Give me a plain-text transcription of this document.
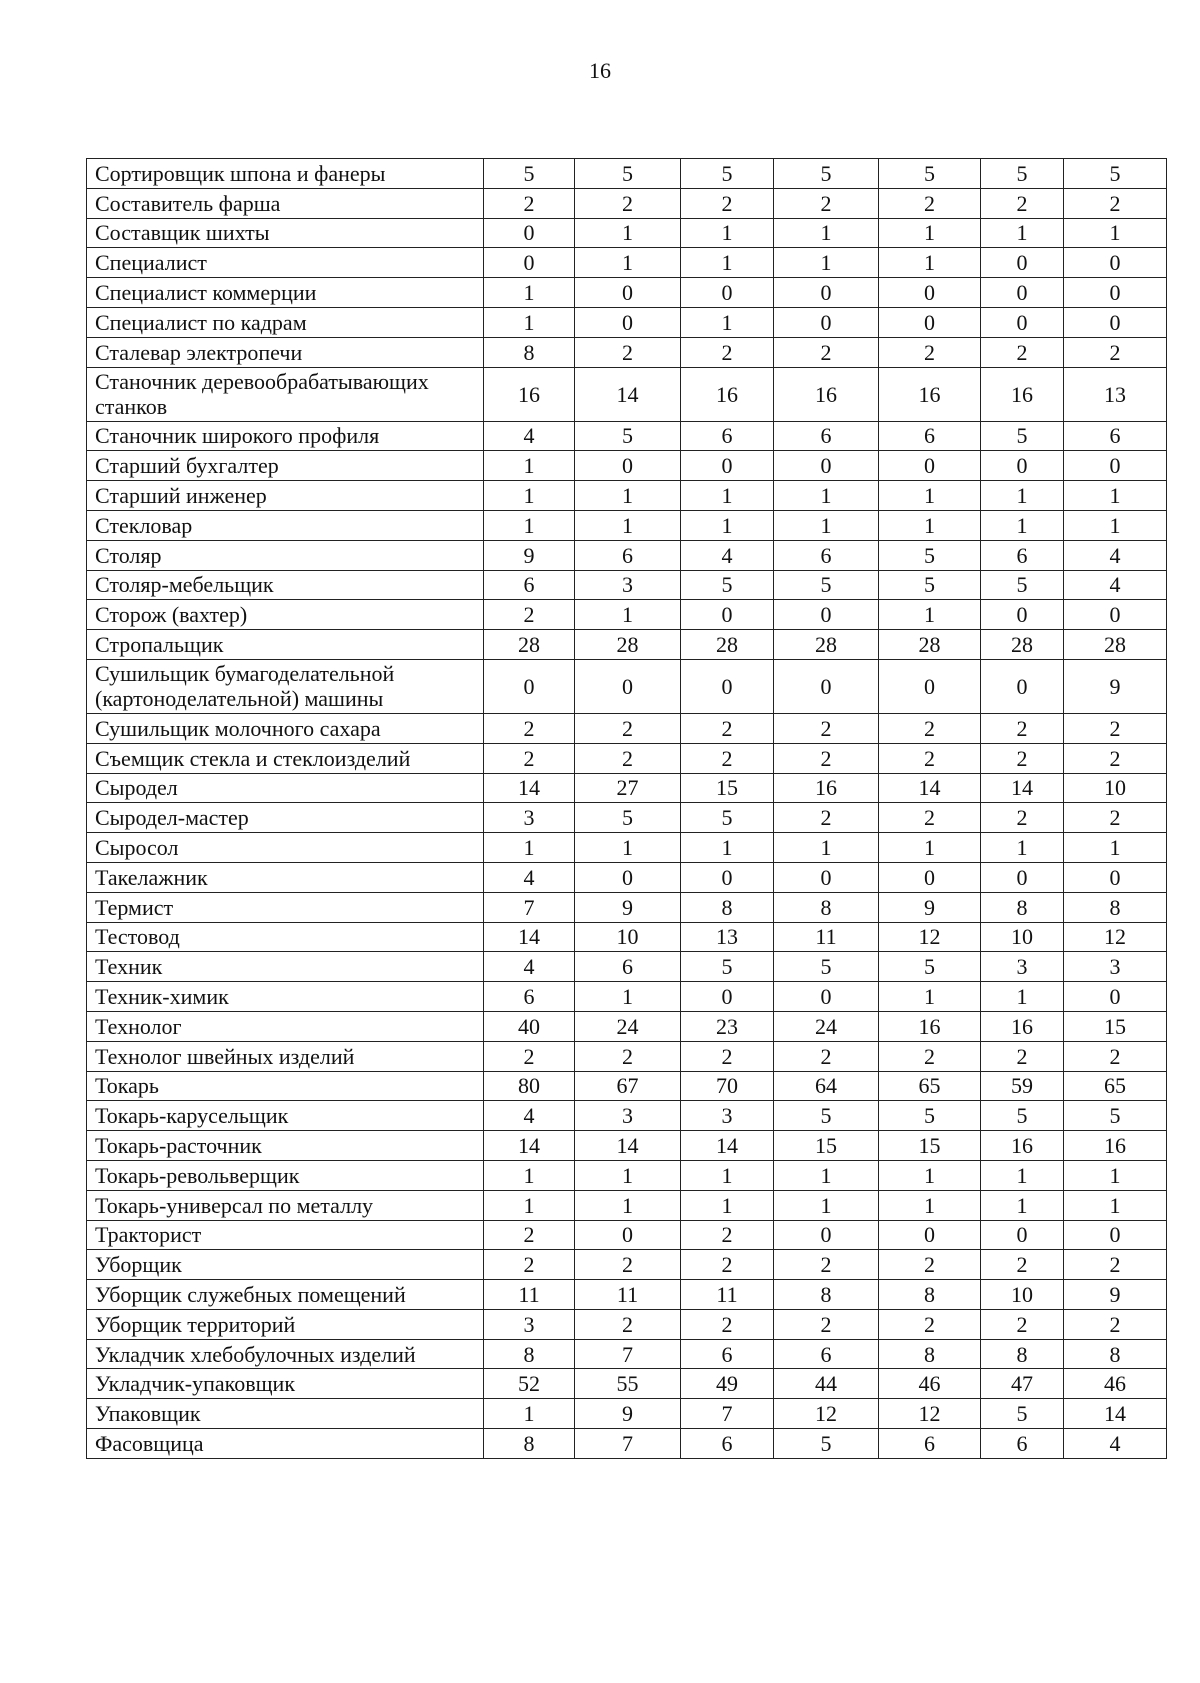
16
Сортировщик шпона и фанеры	5	5	5	5	5	5	5
Составитель фарша	2	2	2	2	2	2	2
Составщик шихты	0	1	1	1	1	1	1
Специалист	0	1	1	1	1	0	0
Специалист коммерции	1	0	0	0	0	0	0
Специалист по кадрам	1	0	1	0	0	0	0
Сталевар электропечи	8	2	2	2	2	2	2
Станочник деревообрабатывающих станков	16	14	16	16	16	16	13
Станочник широкого профиля	4	5	6	6	6	5	6
Старший бухгалтер	1	0	0	0	0	0	0
Старший инженер	1	1	1	1	1	1	1
Стекловар	1	1	1	1	1	1	1
Столяр	9	6	4	6	5	6	4
Столяр-мебельщик	6	3	5	5	5	5	4
Сторож (вахтер)	2	1	0	0	1	0	0
Стропальщик	28	28	28	28	28	28	28
Сушильщик бумагоделательной (картоноделательной) машины	0	0	0	0	0	0	9
Сушильщик молочного сахара	2	2	2	2	2	2	2
Съемщик стекла и стеклоизделий	2	2	2	2	2	2	2
Сыродел	14	27	15	16	14	14	10
Сыродел-мастер	3	5	5	2	2	2	2
Сыросол	1	1	1	1	1	1	1
Такелажник	4	0	0	0	0	0	0
Термист	7	9	8	8	9	8	8
Тестовод	14	10	13	11	12	10	12
Техник	4	6	5	5	5	3	3
Техник-химик	6	1	0	0	1	1	0
Технолог	40	24	23	24	16	16	15
Технолог швейных изделий	2	2	2	2	2	2	2
Токарь	80	67	70	64	65	59	65
Токарь-карусельщик	4	3	3	5	5	5	5
Токарь-расточник	14	14	14	15	15	16	16
Токарь-револьверщик	1	1	1	1	1	1	1
Токарь-универсал по металлу	1	1	1	1	1	1	1
Тракторист	2	0	2	0	0	0	0
Уборщик	2	2	2	2	2	2	2
Уборщик служебных помещений	11	11	11	8	8	10	9
Уборщик территорий	3	2	2	2	2	2	2
Укладчик хлебобулочных изделий	8	7	6	6	8	8	8
Укладчик-упаковщик	52	55	49	44	46	47	46
Упаковщик	1	9	7	12	12	5	14
Фасовщица	8	7	6	5	6	6	4
